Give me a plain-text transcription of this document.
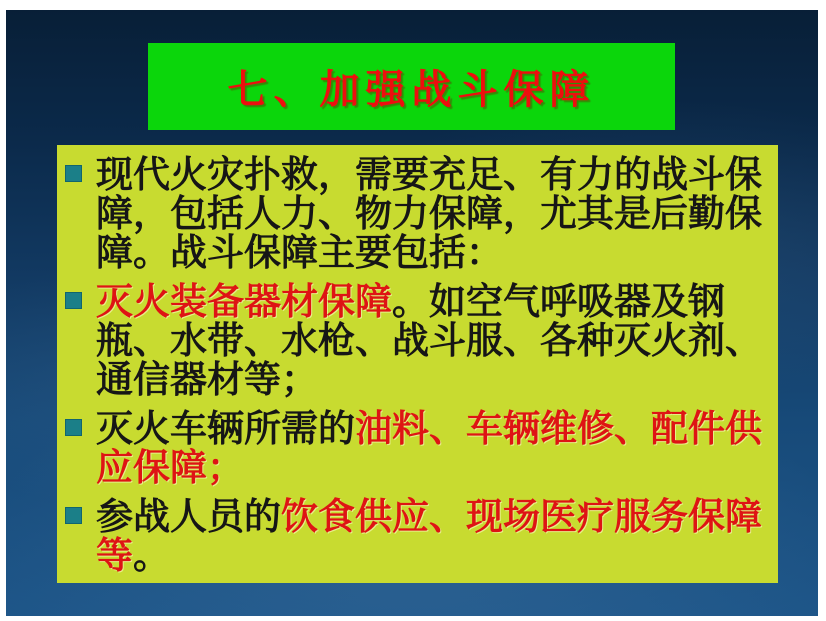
七、加强战斗保障
现代火灾扑救，需要充足、有力的战斗保障，包括人力、物力保障，尤其是后勤保障。战斗保障主要包括：
灭火装备器材保障。如空气呼吸器及钢瓶、水带、水枪、战斗服、各种灭火剂、通信器材等；
灭火车辆所需的油料、车辆维修、配件供应保障；
参战人员的饮食供应、现场医疗服务保障等。
